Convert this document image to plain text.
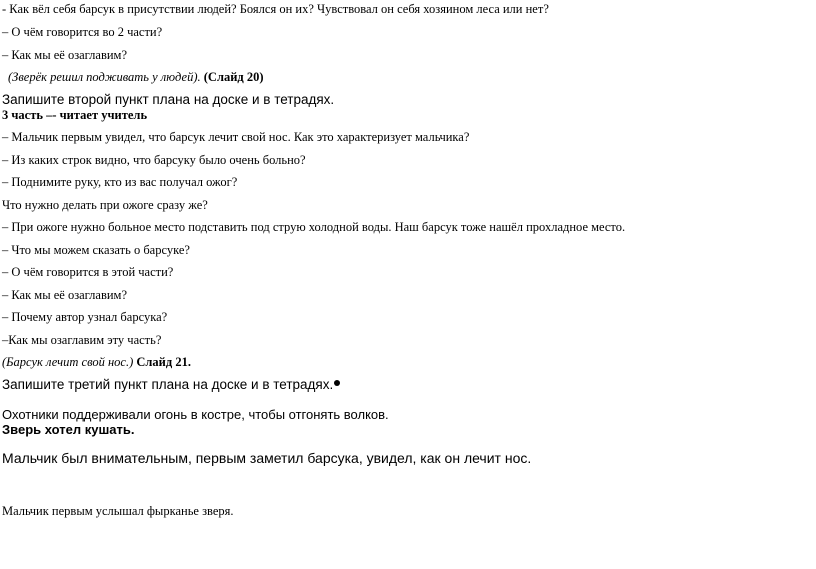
- Как вёл себя барсук в присутствии людей? Боялся он их? Чувствовал он себя хозяином леса или нет?
– О чём говорится во 2 части?
– Как мы её озаглавим?
(Зверёк решил подживать у людей). (Слайд 20)
Запишите второй пункт плана на доске и в тетрадях.
3 часть –- читает учитель
– Мальчик первым увидел, что барсук лечит свой нос. Как это характеризует мальчика?
– Из каких строк видно, что барсуку было очень больно?
– Поднимите руку, кто из вас получал ожог?
Что нужно делать при ожоге сразу же?
– При ожоге нужно больное место подставить под струю холодной воды. Наш барсук тоже нашёл прохладное место.
– Что мы можем сказать о барсуке?
– О чём говорится в этой части?
– Как мы её озаглавим?
– Почему автор узнал барсука?
–Как мы озаглавим эту часть?
(Барсук лечит свой нос.) Слайд 21.
Запишите третий пункт плана на доске и в тетрадях.
Охотники поддерживали огонь в костре, чтобы отгонять волков.
Зверь хотел кушать.
Мальчик был внимательным, первым заметил барсука, увидел, как он лечит нос.
Мальчик первым услышал фырканье зверя.
